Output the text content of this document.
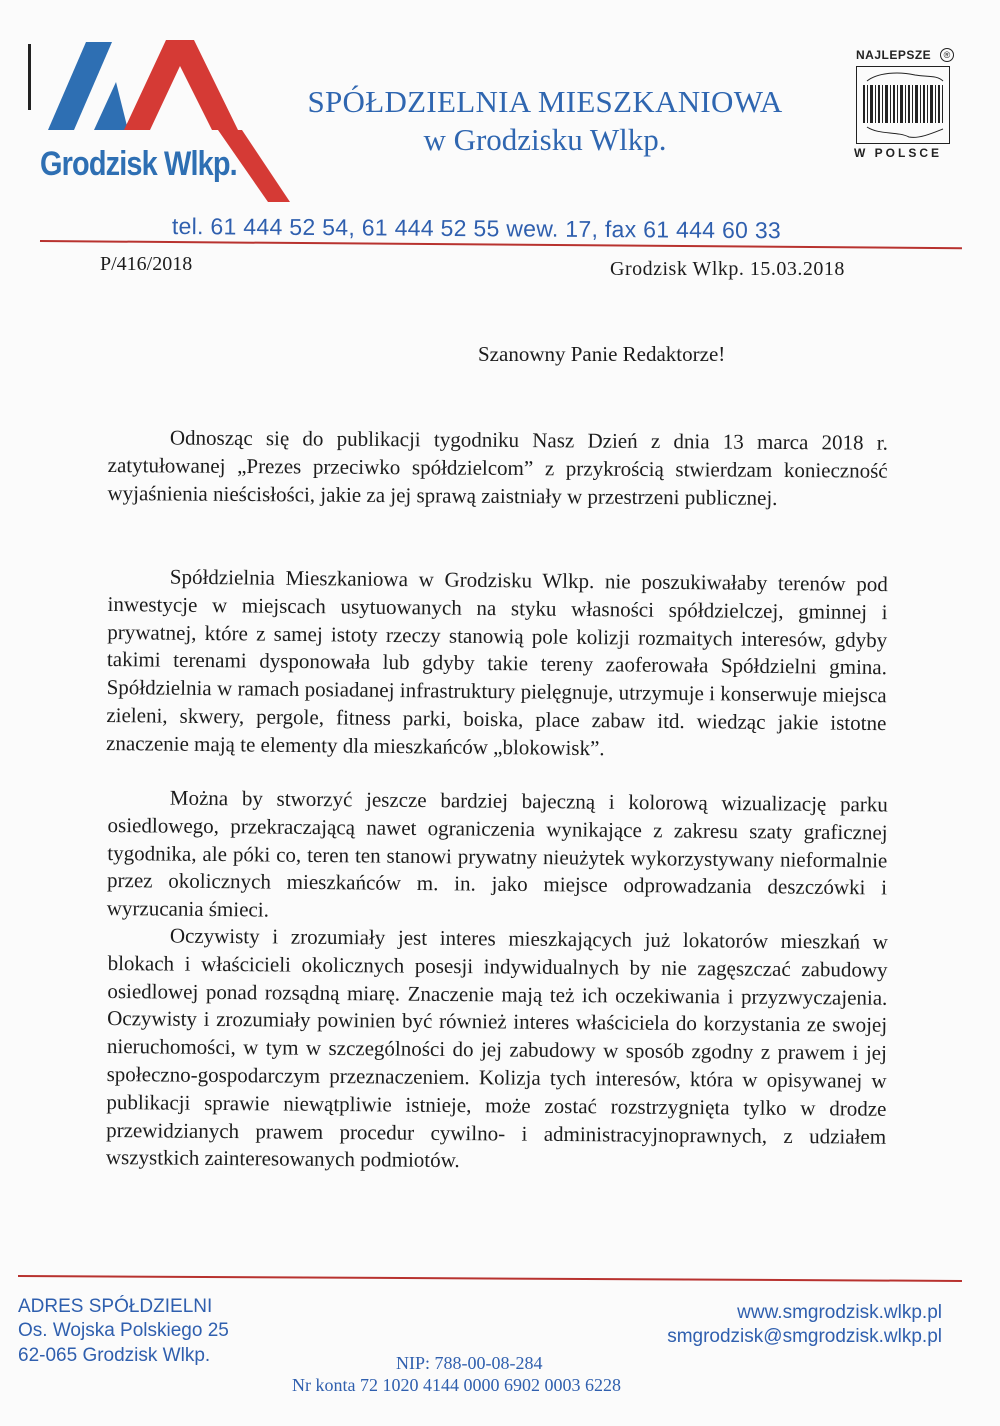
Grodzisk Wlkp.
SPÓŁDZIELNIA MIESZKANIOWA
w Grodzisku Wlkp.
NAJLEPSZE	®
W POLSCE
tel. 61 444 52 54, 61 444 52 55 wew. 17, fax 61 444 60 33
P/416/2018	Grodzisk Wlkp. 15.03.2018
Szanowny Panie Redaktorze!
Odnosząc się do publikacji tygodniku Nasz Dzień z dnia 13 marca 2018 r. zatytułowanej „Prezes przeciwko spółdzielcom” z przykrością stwierdzam konieczność wyjaśnienia nieścisłości, jakie za jej sprawą zaistniały w przestrzeni publicznej.
Spółdzielnia Mieszkaniowa w Grodzisku Wlkp. nie poszukiwałaby terenów pod inwestycje w miejscach usytuowanych na styku własności spółdzielczej, gminnej i prywatnej, które z samej istoty rzeczy stanowią pole kolizji rozmaitych interesów, gdyby takimi terenami dysponowała lub gdyby takie tereny zaoferowała Spółdzielni gmina. Spółdzielnia w ramach posiadanej infrastruktury pielęgnuje, utrzymuje i konserwuje miejsca zieleni, skwery, pergole, fitness parki, boiska, place zabaw itd. wiedząc jakie istotne znaczenie mają te elementy dla mieszkańców „blokowisk”.
Można by stworzyć jeszcze bardziej bajeczną i kolorową wizualizację parku osiedlowego, przekraczającą nawet ograniczenia wynikające z zakresu szaty graficznej tygodnika, ale póki co, teren ten stanowi prywatny nieużytek wykorzystywany nieformalnie przez okolicznych mieszkańców m. in. jako miejsce odprowadzania deszczówki i wyrzucania śmieci.
Oczywisty i zrozumiały jest interes mieszkających już lokatorów mieszkań w blokach i właścicieli okolicznych posesji indywidualnych by nie zagęszczać zabudowy osiedlowej ponad rozsądną miarę. Znaczenie mają też ich oczekiwania i przyzwyczajenia. Oczywisty i zrozumiały powinien być również interes właściciela do korzystania ze swojej nieruchomości, w tym w szczególności do jej zabudowy w sposób zgodny z prawem i jej społeczno-gospodarczym przeznaczeniem. Kolizja tych interesów, która w opisywanej w publikacji sprawie niewątpliwie istnieje, może zostać rozstrzygnięta tylko w drodze przewidzianych prawem procedur cywilno- i administracyjnoprawnych, z udziałem wszystkich zainteresowanych podmiotów.
ADRES SPÓŁDZIELNI
Os. Wojska Polskiego 25
62-065 Grodzisk Wlkp.
www.smgrodzisk.wlkp.pl
smgrodzisk@smgrodzisk.wlkp.pl
NIP: 788-00-08-284
Nr konta 72 1020 4144 0000 6902 0003 6228
